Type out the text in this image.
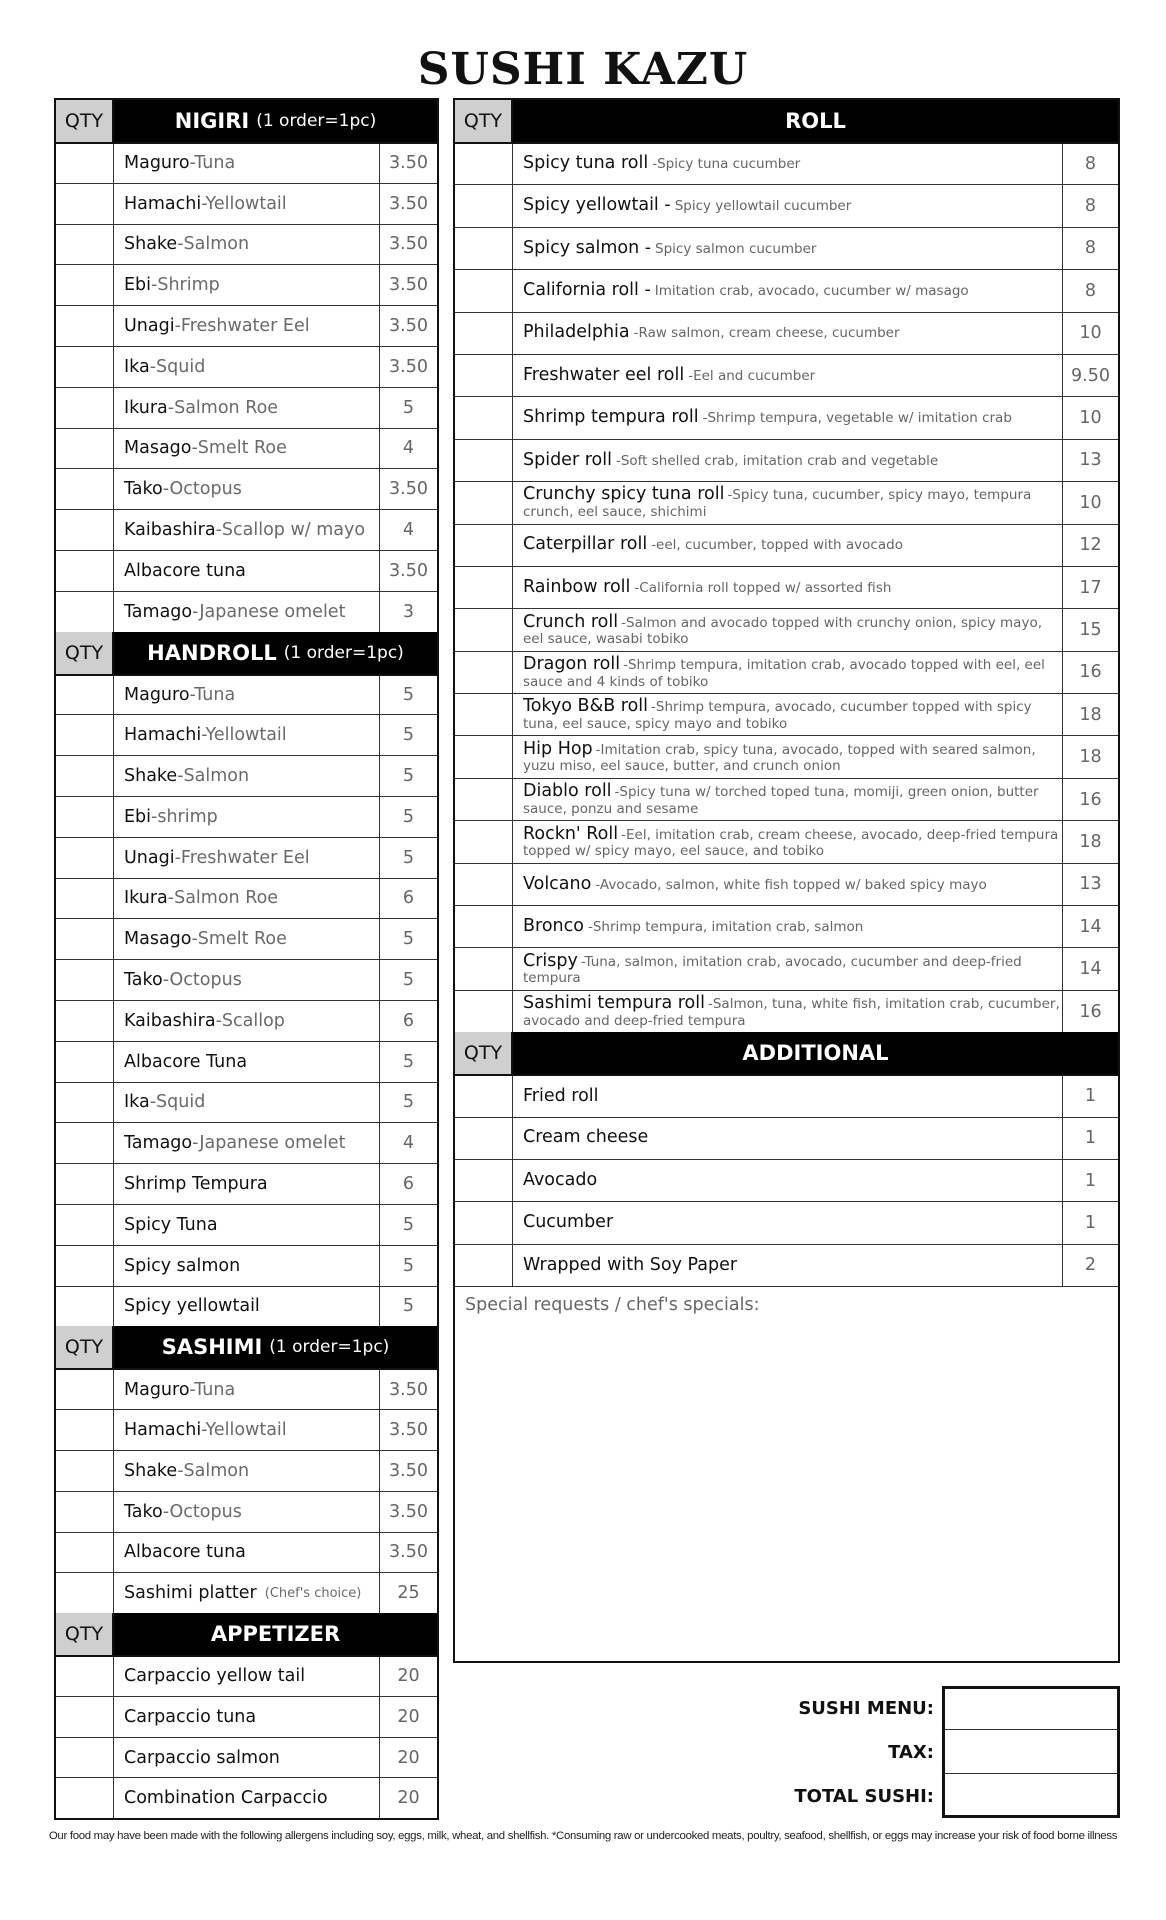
SUSHI KAZU
QTY	NIGIRI (1 order=1pc)
Maguro -Tuna	3.50
Hamachi -Yellowtail	3.50
Shake -Salmon	3.50
Ebi -Shrimp	3.50
Unagi -Freshwater Eel	3.50
Ika -Squid	3.50
Ikura -Salmon Roe	5
Masago -Smelt Roe	4
Tako -Octopus	3.50
Kaibashira -Scallop w/ mayo	4
Albacore tuna	3.50
Tamago -Japanese omelet	3
QTY	HANDROLL (1 order=1pc)
Maguro -Tuna	5
Hamachi -Yellowtail	5
Shake -Salmon	5
Ebi -shrimp	5
Unagi -Freshwater Eel	5
Ikura -Salmon Roe	6
Masago -Smelt Roe	5
Tako -Octopus	5
Kaibashira -Scallop	6
Albacore Tuna	5
Ika -Squid	5
Tamago -Japanese omelet	4
Shrimp Tempura	6
Spicy Tuna	5
Spicy salmon	5
Spicy yellowtail	5
QTY	SASHIMI (1 order=1pc)
Maguro -Tuna	3.50
Hamachi -Yellowtail	3.50
Shake -Salmon	3.50
Tako -Octopus	3.50
Albacore tuna	3.50
Sashimi platter (Chef's choice)	25
QTY	APPETIZER
Carpaccio yellow tail	20
Carpaccio tuna	20
Carpaccio salmon	20
Combination Carpaccio	20
QTY	ROLL
Spicy tuna roll -Spicy tuna cucumber	8
Spicy yellowtail - Spicy yellowtail cucumber	8
Spicy salmon - Spicy salmon cucumber	8
California roll - Imitation crab, avocado, cucumber w/ masago	8
Philadelphia -Raw salmon, cream cheese, cucumber	10
Freshwater eel roll -Eel and cucumber	9.50
Shrimp tempura roll -Shrimp tempura, vegetable w/ imitation crab	10
Spider roll -Soft shelled crab, imitation crab and vegetable	13
Crunchy spicy tuna roll -Spicy tuna, cucumber, spicy mayo, tempura crunch, eel sauce, shichimi	10
Caterpillar roll -eel, cucumber, topped with avocado	12
Rainbow roll -California roll topped w/ assorted fish	17
Crunch roll -Salmon and avocado topped with crunchy onion, spicy mayo, eel sauce, wasabi tobiko	15
Dragon roll -Shrimp tempura, imitation crab, avocado topped with eel, eel sauce and 4 kinds of tobiko	16
Tokyo B&B roll -Shrimp tempura, avocado, cucumber topped with spicy tuna, eel sauce, spicy mayo and tobiko	18
Hip Hop -Imitation crab, spicy tuna, avocado, topped with seared salmon, yuzu miso, eel sauce, butter, and crunch onion	18
Diablo roll -Spicy tuna w/ torched toped tuna, momiji, green onion, butter sauce, ponzu and sesame	16
Rockn' Roll -Eel, imitation crab, cream cheese, avocado, deep-fried tempura topped w/ spicy mayo, eel sauce, and tobiko	18
Volcano -Avocado, salmon, white fish topped w/ baked spicy mayo	13
Bronco -Shrimp tempura, imitation crab, salmon	14
Crispy -Tuna, salmon, imitation crab, avocado, cucumber and deep-fried tempura	14
Sashimi tempura roll -Salmon, tuna, white fish, imitation crab, cucumber, avocado and deep-fried tempura	16
QTY	ADDITIONAL
Fried roll	1
Cream cheese	1
Avocado	1
Cucumber	1
Wrapped with Soy Paper	2
Special requests / chef's specials:
SUSHI MENU:
TAX:
TOTAL SUSHI:
Our food may have been made with the following allergens including soy, eggs, milk, wheat, and shellfish. *Consuming raw or undercooked meats, poultry, seafood, shellfish, or eggs may increase your risk of food borne illness
